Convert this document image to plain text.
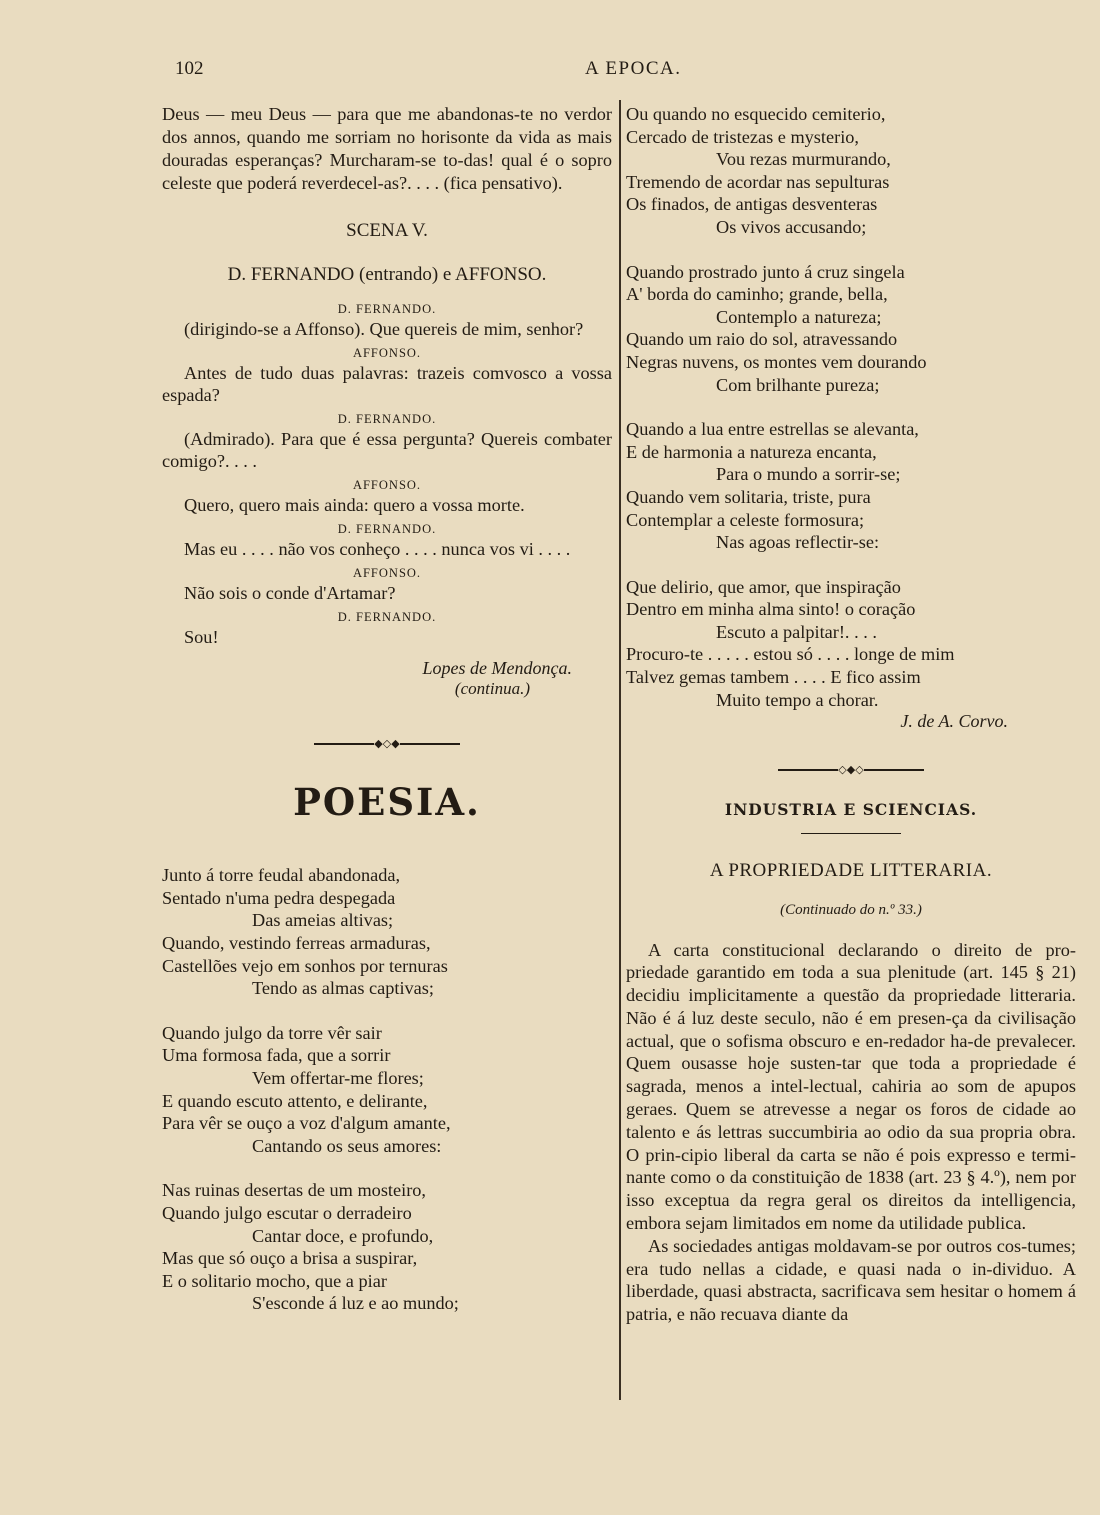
102	A EPOCA.

Deus — meu Deus — para que me abandonas-te no verdor dos annos, quando me sorriam no horisonte da vida as mais douradas esperanças? Murcharam-se to-das! qual é o sopro celeste que poderá reverdecel-as?. . . . (fica pensativo).

SCENA V.
D. FERNANDO (entrando) e AFFONSO.
D. FERNANDO.

(dirigindo-se a Affonso). Que quereis de mim, senhor?

AFFONSO.

Antes de tudo duas palavras: trazeis comvosco a vossa espada?

D. FERNANDO.

(Admirado). Para que é essa pergunta? Quereis combater comigo?. . . .

AFFONSO.

Quero, quero mais ainda: quero a vossa morte.

D. FERNANDO.

Mas eu . . . . não vos conheço . . . . nunca vos vi . . . .

AFFONSO.

Não sois o conde d'Artamar?

D. FERNANDO.

Sou!

Lopes de Mendonça.
(continua.)
◆◇◆
POESIA.
Junto á torre feudal abandonada,
Sentado n'uma pedra despegada
Das ameias altivas;
Quando, vestindo ferreas armaduras,
Castellões vejo em sonhos por ternuras
Tendo as almas captivas;
Quando julgo da torre vêr sair
Uma formosa fada, que a sorrir
Vem offertar-me flores;
E quando escuto attento, e delirante,
Para vêr se ouço a voz d'algum amante,
Cantando os seus amores:
Nas ruinas desertas de um mosteiro,
Quando julgo escutar o derradeiro
Cantar doce, e profundo,
Mas que só ouço a brisa a suspirar,
E o solitario mocho, que a piar
S'esconde á luz e ao mundo;
Ou quando no esquecido cemiterio,
Cercado de tristezas e mysterio,
Vou rezas murmurando,
Tremendo de acordar nas sepulturas
Os finados, de antigas desventeras
Os vivos accusando;
Quando prostrado junto á cruz singela
A' borda do caminho; grande, bella,
Contemplo a natureza;
Quando um raio do sol, atravessando
Negras nuvens, os montes vem dourando
Com brilhante pureza;
Quando a lua entre estrellas se alevanta,
E de harmonia a natureza encanta,
Para o mundo a sorrir-se;
Quando vem solitaria, triste, pura
Contemplar a celeste formosura;
Nas agoas reflectir-se:
Que delirio, que amor, que inspiração
Dentro em minha alma sinto! o coração
Escuto a palpitar!. . . .
Procuro-te . . . . . estou só . . . . longe de mim
Talvez gemas tambem . . . . E fico assim
Muito tempo a chorar.
J. de A. Corvo.
◇◆◇
INDUSTRIA E SCIENCIAS.
A PROPRIEDADE LITTERARIA.
(Continuado do n.º 33.)

A carta constitucional declarando o direito de pro-priedade garantido em toda a sua plenitude (art. 145 § 21) decidiu implicitamente a questão da propriedade litteraria. Não é á luz deste seculo, não é em presen-ça da civilisação actual, que o sofisma obscuro e en-redador ha-de prevalecer. Quem ousasse hoje susten-tar que toda a propriedade é sagrada, menos a intel-lectual, cahiria ao som de apupos geraes. Quem se atrevesse a negar os foros de cidade ao talento e ás lettras succumbiria ao odio da sua propria obra. O prin-cipio liberal da carta se não é pois expresso e termi-nante como o da constituição de 1838 (art. 23 § 4.º), nem por isso exceptua da regra geral os direitos da intelligencia, embora sejam limitados em nome da utilidade publica.

As sociedades antigas moldavam-se por outros cos-tumes; era tudo nellas a cidade, e quasi nada o in-dividuo. A liberdade, quasi abstracta, sacrificava sem hesitar o homem á patria, e não recuava diante da
